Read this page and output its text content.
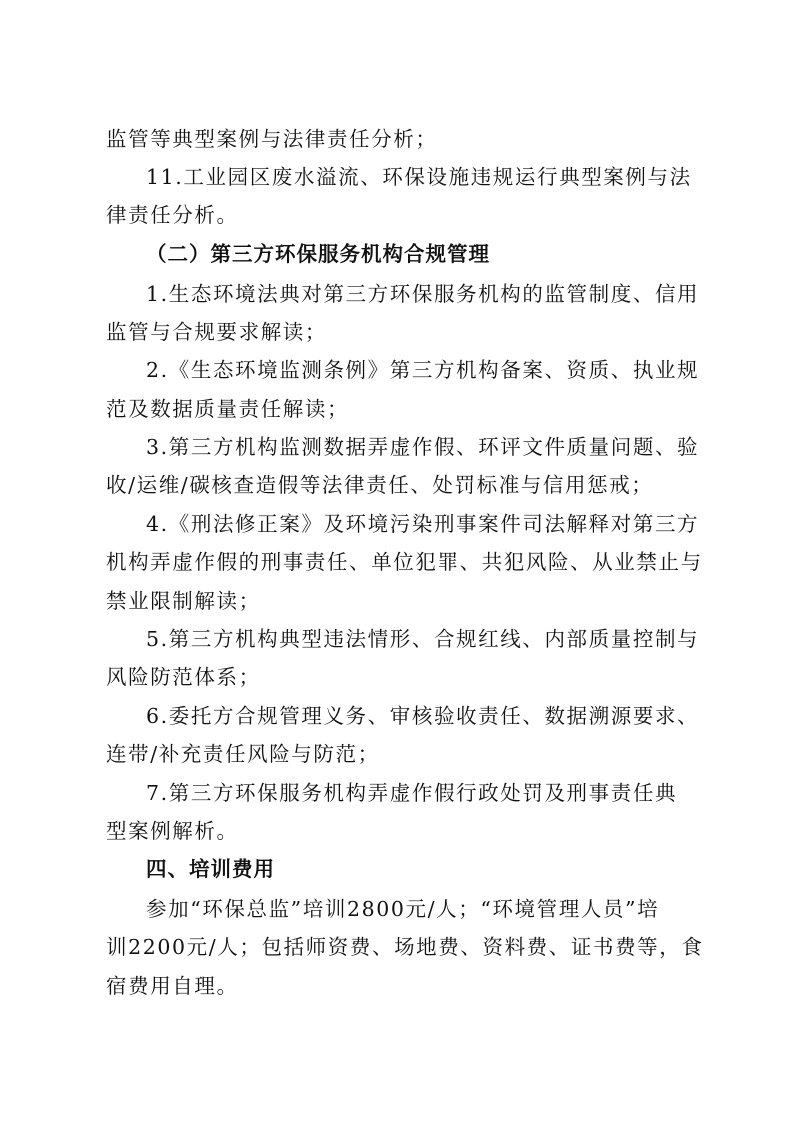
监管等典型案例与法律责任分析；
11.工业园区废水溢流、环保设施违规运行典型案例与法
律责任分析。
（二）第三方环保服务机构合规管理
1.生态环境法典对第三方环保服务机构的监管制度、信用
监管与合规要求解读；
2.《生态环境监测条例》第三方机构备案、资质、执业规
范及数据质量责任解读；
3.第三方机构监测数据弄虚作假、环评文件质量问题、验
收/运维/碳核查造假等法律责任、处罚标准与信用惩戒；
4.《刑法修正案》及环境污染刑事案件司法解释对第三方
机构弄虚作假的刑事责任、单位犯罪、共犯风险、从业禁止与
禁业限制解读；
5.第三方机构典型违法情形、合规红线、内部质量控制与
风险防范体系；
6.委托方合规管理义务、审核验收责任、数据溯源要求、
连带/补充责任风险与防范；
7.第三方环保服务机构弄虚作假行政处罚及刑事责任典
型案例解析。
四、培训费用
参加“环保总监”培训2800元/人；“环境管理人员”培
训2200元/人；包括师资费、场地费、资料费、证书费等，食
宿费用自理。
